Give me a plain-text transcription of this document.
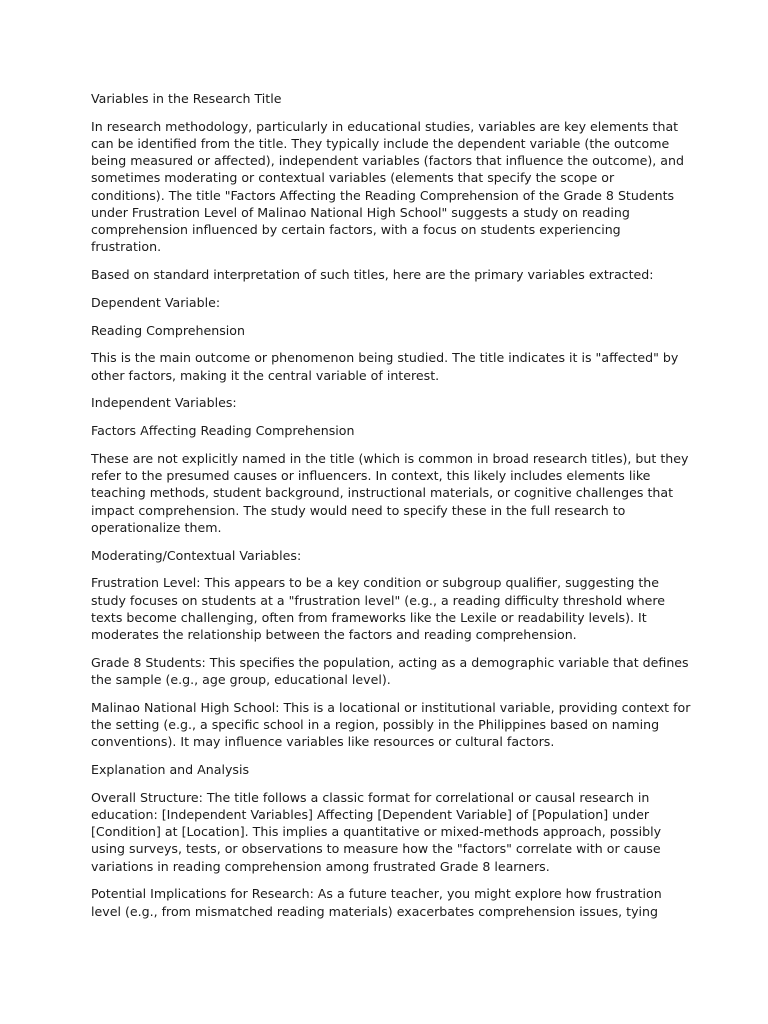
Variables in the Research Title

In research methodology, particularly in educational studies, variables are key elements that can be identified from the title. They typically include the dependent variable (the outcome being measured or affected), independent variables (factors that influence the outcome), and sometimes moderating or contextual variables (elements that specify the scope or conditions). The title "Factors Affecting the Reading Comprehension of the Grade 8 Students under Frustration Level of Malinao National High School" suggests a study on reading comprehension influenced by certain factors, with a focus on students experiencing frustration.

Based on standard interpretation of such titles, here are the primary variables extracted:

Dependent Variable:

Reading Comprehension

This is the main outcome or phenomenon being studied. The title indicates it is "affected" by other factors, making it the central variable of interest.

Independent Variables:

Factors Affecting Reading Comprehension

These are not explicitly named in the title (which is common in broad research titles), but they refer to the presumed causes or influencers. In context, this likely includes elements like teaching methods, student background, instructional materials, or cognitive challenges that impact comprehension. The study would need to specify these in the full research to operationalize them.

Moderating/Contextual Variables:

Frustration Level: This appears to be a key condition or subgroup qualifier, suggesting the study focuses on students at a "frustration level" (e.g., a reading difficulty threshold where texts become challenging, often from frameworks like the Lexile or readability levels). It moderates the relationship between the factors and reading comprehension.

Grade 8 Students: This specifies the population, acting as a demographic variable that defines the sample (e.g., age group, educational level).

Malinao National High School: This is a locational or institutional variable, providing context for the setting (e.g., a specific school in a region, possibly in the Philippines based on naming conventions). It may influence variables like resources or cultural factors.

Explanation and Analysis

Overall Structure: The title follows a classic format for correlational or causal research in education: [Independent Variables] Affecting [Dependent Variable] of [Population] under [Condition] at [Location]. This implies a quantitative or mixed-methods approach, possibly using surveys, tests, or observations to measure how the "factors" correlate with or cause variations in reading comprehension among frustrated Grade 8 learners.

Potential Implications for Research: As a future teacher, you might explore how frustration level (e.g., from mismatched reading materials) exacerbates comprehension issues, tying
